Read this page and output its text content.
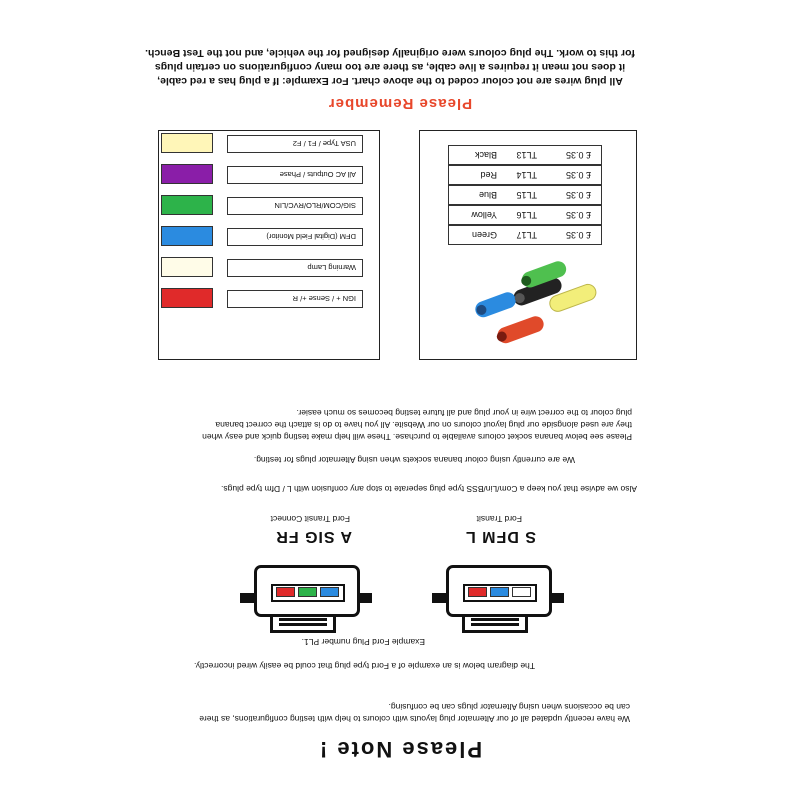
Please Note !
We have recently updated all of our Alternator plug layouts with colours to help with testing configurations, as there
can be occasions when using Alternator plugs can be confusing.
The diagram below is an example of a Ford type plug that could be easily wired incorrectly.
Example Ford Plug number PL1.
S DFM L
Ford Transit
A SIG FR
Ford Transit Connect
Also we advise that you keep a Com/Lin/BSS type plug seperate to stop any confusion with L / Dfm type plugs.
We are currently using colour banana sockets when using Alternator plugs for testing.
Please see below banana socket colours available to purchase. These will help make testing quick and easy when
they are used alongside our plug layout colours on our Website. All you have to do is attach the correct banana
plug colour to the correct wire in your plug and all future testing becomes so much easier.
£ 0.35
TL17
Green
£ 0.35
TL16
Yellow
£ 0.35
TL15
Blue
£ 0.35
TL14
Red
£ 0.35
TL13
Black
USA Type / F1 / F2
All AC Outputs / Phase
SIG/COM/RLO/RVC/LIN
DFM (Digital Field Monitor)
Warning Lamp
IGN + / Sense +/ R
Please Remember
All plug wires are not colour coded to the above chart. For Example: If a plug has a red cable,
it does not mean it requires a live cable, as there are too many configurations on certain plugs
for this to work. The plug colours were originally designed for the vehicle, and not the Test Bench.
